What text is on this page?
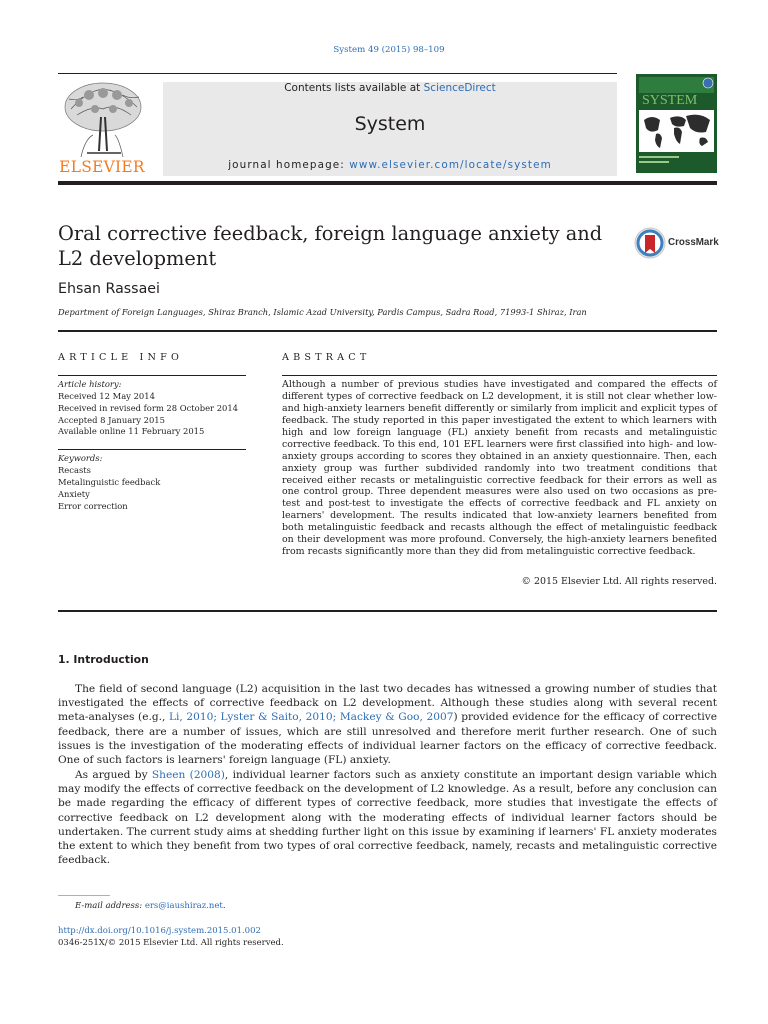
System 49 (2015) 98–109
ELSEVIER
Contents lists available at ScienceDirect
System
journal homepage: www.elsevier.com/locate/system
SYSTEM
Oral corrective feedback, foreign language anxiety and L2 development
CrossMark
Ehsan Rassaei
Department of Foreign Languages, Shiraz Branch, Islamic Azad University, Pardis Campus, Sadra Road, 71993-1 Shiraz, Iran
ARTICLE INFO
Article history:
Received 12 May 2014
Received in revised form 28 October 2014
Accepted 8 January 2015
Available online 11 February 2015
Keywords:
Recasts
Metalinguistic feedback
Anxiety
Error correction
ABSTRACT
Although a number of previous studies have investigated and compared the effects of different types of corrective feedback on L2 development, it is still not clear whether low- and high-anxiety learners benefit differently or similarly from implicit and explicit types of feedback. The study reported in this paper investigated the extent to which learners with high and low foreign language (FL) anxiety benefit from recasts and metalinguistic corrective feedback. To this end, 101 EFL learners were first classified into high- and low-anxiety groups according to scores they obtained in an anxiety questionnaire. Then, each anxiety group was further subdivided randomly into two treatment conditions that received either recasts or metalinguistic corrective feedback for their errors as well as one control group. Three dependent measures were also used on two occasions as pre-test and post-test to investigate the effects of corrective feedback and FL anxiety on learners' development. The results indicated that low-anxiety learners benefited from both metalinguistic feedback and recasts although the effect of metalinguistic feedback on their development was more profound. Conversely, the high-anxiety learners benefited from recasts significantly more than they did from metalinguistic corrective feedback.
© 2015 Elsevier Ltd. All rights reserved.
1. Introduction
The field of second language (L2) acquisition in the last two decades has witnessed a growing number of studies that investigated the effects of corrective feedback on L2 development. Although these studies along with several recent meta-analyses (e.g., Li, 2010; Lyster & Saito, 2010; Mackey & Goo, 2007) provided evidence for the efficacy of corrective feedback, there are a number of issues, which are still unresolved and therefore merit further research. One of such issues is the investigation of the moderating effects of individual learner factors on the efficacy of corrective feedback. One of such factors is learners' foreign language (FL) anxiety.
As argued by Sheen (2008), individual learner factors such as anxiety constitute an important design variable which may modify the effects of corrective feedback on the development of L2 knowledge. As a result, before any conclusion can be made regarding the efficacy of different types of corrective feedback, more studies that investigate the effects of corrective feedback on L2 development along with the moderating effects of individual learner factors should be undertaken. The current study aims at shedding further light on this issue by examining if learners' FL anxiety moderates the extent to which they benefit from two types of oral corrective feedback, namely, recasts and metalinguistic corrective feedback.
E-mail address: ers@iaushiraz.net.
http://dx.doi.org/10.1016/j.system.2015.01.002
0346-251X/© 2015 Elsevier Ltd. All rights reserved.
